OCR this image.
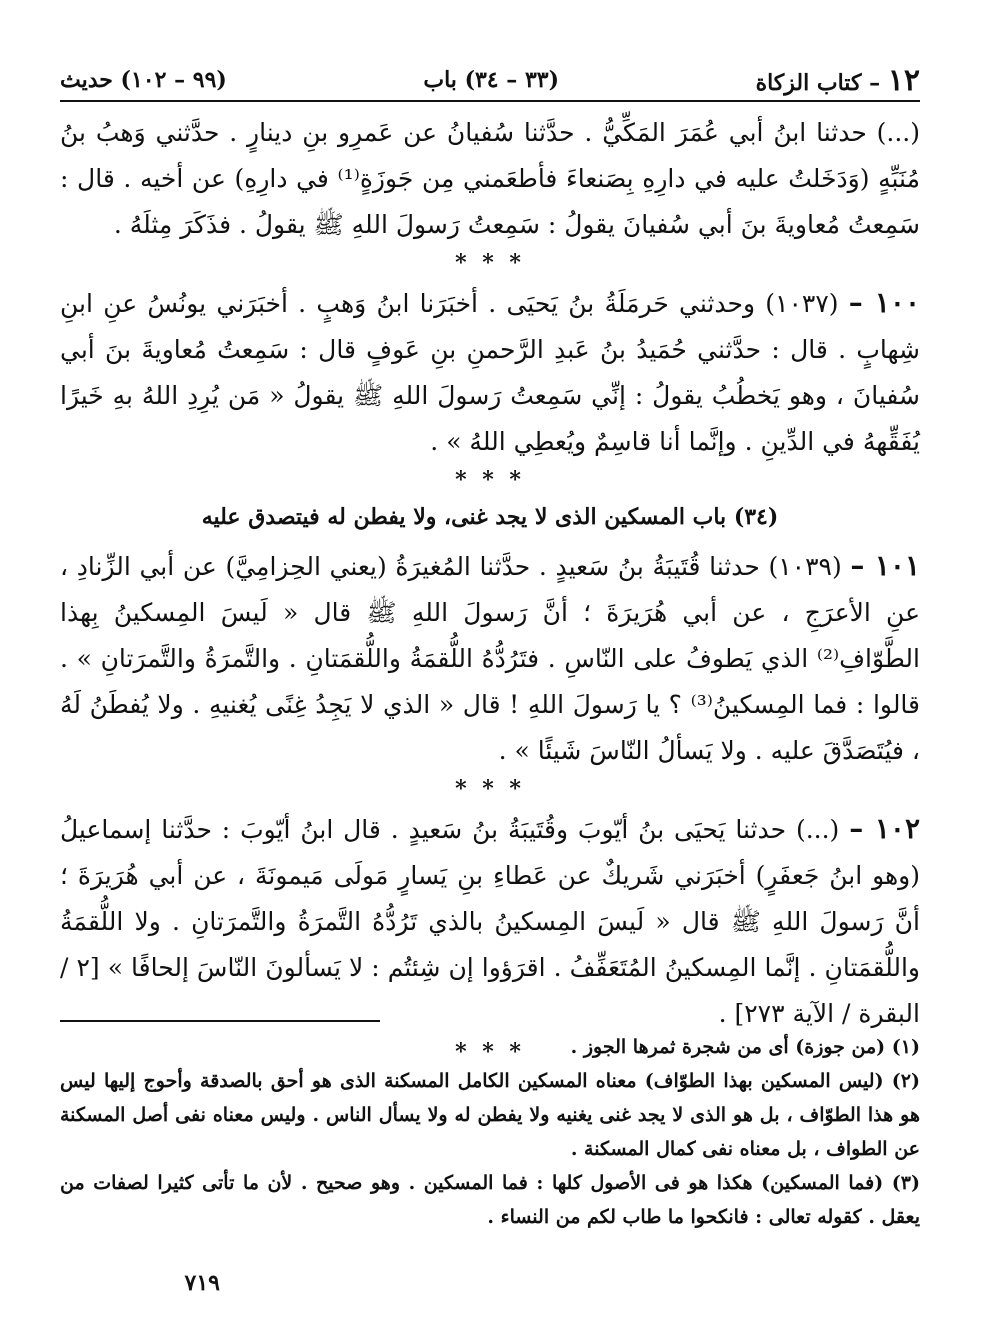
١٢ – كتاب الزكاة
(٣٣ – ٣٤) باب
(٩٩ – ١٠٢) حديث

(...) حدثنا ابنُ أبي عُمَرَ المَكِّيُّ . حدَّثنا سُفيانُ عن عَمرِو بنِ دينارٍ . حدَّثني وَهبُ بنُ مُنَبِّهٍ (وَدَخَلتُ عليه في دارِهِ بِصَنعاءَ فأطعَمني مِن جَوزَةٍ⁽¹⁾ في دارِهِ) عن أخيه . قال : سَمِعتُ مُعاويةَ بنَ أبي سُفيانَ يقولُ : سَمِعتُ رَسولَ اللهِ ﷺ يقولُ . فذَكَرَ مِثلَهُ .

* * *

١٠٠ – (١٠٣٧) وحدثني حَرمَلَةُ بنُ يَحيَى . أخبَرَنا ابنُ وَهبٍ . أخبَرَني يونُسُ عنِ ابنِ شِهابٍ . قال : حدَّثني حُمَيدُ بنُ عَبدِ الرَّحمنِ بنِ عَوفٍ قال : سَمِعتُ مُعاويةَ بنَ أبي سُفيانَ ، وهو يَخطُبُ يقولُ : إنِّي سَمِعتُ رَسولَ اللهِ ﷺ يقولُ « مَن يُرِدِ اللهُ بهِ خَيرًا يُفَقِّههُ في الدِّينِ . وإنَّما أنا قاسِمٌ ويُعطِي اللهُ » .

* * *
(٣٤) باب المسكين الذى لا يجد غنى، ولا يفطن له فيتصدق عليه

١٠١ – (١٠٣٩) حدثنا قُتَيبَةُ بنُ سَعيدٍ . حدَّثنا المُغيرَةُ (يعني الحِزامِيَّ) عن أبي الزِّنادِ ، عنِ الأعرَجِ ، عن أبي هُرَيرَةَ ؛ أنَّ رَسولَ اللهِ ﷺ قال « لَيسَ المِسكينُ بِهذا الطَّوّافِ⁽²⁾ الذي يَطوفُ على النّاسِ . فتَرُدُّهُ اللُّقمَةُ واللُّقمَتانِ . والتَّمرَةُ والتَّمرَتانِ » . قالوا : فما المِسكينُ⁽³⁾ ؟ يا رَسولَ اللهِ ! قال « الذي لا يَجِدُ غِنًى يُغنيهِ . ولا يُفطَنُ لَهُ ، فيُتَصَدَّقَ عليه . ولا يَسألُ النّاسَ شَيئًا » .

* * *

١٠٢ – (...) حدثنا يَحيَى بنُ أيّوبَ وقُتَيبَةُ بنُ سَعيدٍ . قال ابنُ أيّوبَ : حدَّثنا إسماعيلُ (وهو ابنُ جَعفَرٍ) أخبَرَني شَريكٌ عن عَطاءِ بنِ يَسارٍ مَولَى مَيمونَةَ ، عن أبي هُرَيرَةَ ؛ أنَّ رَسولَ اللهِ ﷺ قال « لَيسَ المِسكينُ بالذي تَرُدُّهُ التَّمرَةُ والتَّمرَتانِ . ولا اللُّقمَةُ واللُّقمَتانِ . إنَّما المِسكينُ المُتَعَفِّفُ . اقرَؤوا إن شِئتُم : لا يَسألونَ النّاسَ إلحافًا » [٢ / البقرة / الآية ٢٧٣] .

* * *	(١) (من جوزة) أى من شجرة ثمرها الجوز .

(٢) (ليس المسكين بهذا الطوّاف) معناه المسكين الكامل المسكنة الذى هو أحق بالصدقة وأحوج إليها ليس هو هذا الطوّاف ، بل هو الذى لا يجد غنى يغنيه ولا يفطن له ولا يسأل الناس . وليس معناه نفى أصل المسكنة عن الطواف ، بل معناه نفى كمال المسكنة .

(٣) (فما المسكين) هكذا هو فى الأصول كلها : فما المسكين . وهو صحيح . لأن ما تأتى كثيرا لصفات من يعقل . كقوله تعالى : فانكحوا ما طاب لكم من النساء .

٧١٩
